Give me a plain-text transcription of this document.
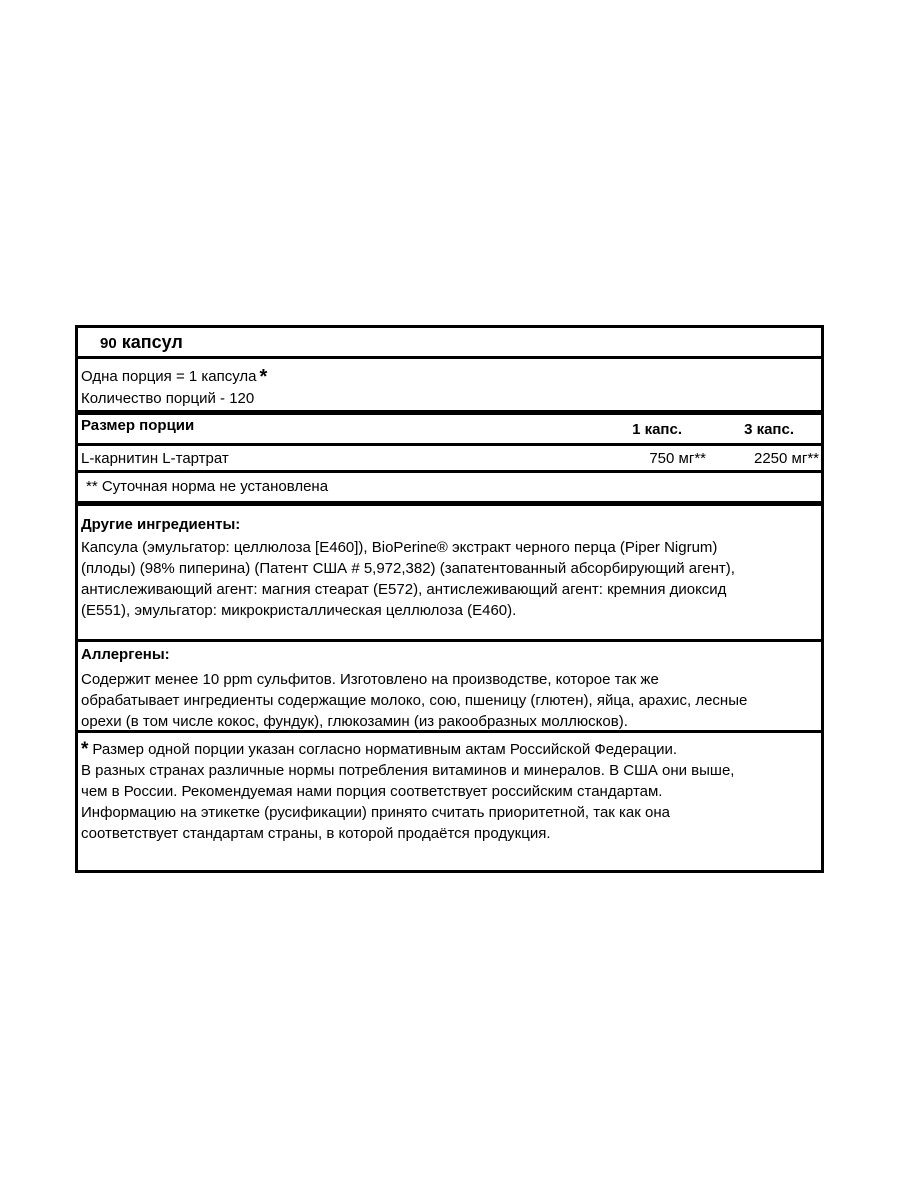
90 капсул
Одна порция = 1 капсула *
Количество порций - 120
Размер порции	1 капс.	3 капс.
L-карнитин L-тартрат	750 мг**	2250 мг**
** Суточная норма не установлена
Другие ингредиенты:
Капсула (эмульгатор: целлюлоза [E460]), BioPerine® экстракт черного перца (Piper Nigrum)
(плоды) (98% пиперина) (Патент США # 5,972,382) (запатентованный абсорбирующий агент),
антислеживающий агент: магния стеарат (E572), антислеживающий агент: кремния диоксид
(E551), эмульгатор: микрокристаллическая целлюлоза (E460).
Аллергены:
Содержит менее 10 ppm сульфитов. Изготовлено на производстве, которое так же
обрабатывает ингредиенты содержащие молоко, сою, пшеницу (глютен), яйца, арахис, лесные
орехи (в том числе кокос, фундук), глюкозамин (из ракообразных моллюсков).
* Размер одной порции указан согласно нормативным актам Российской Федерации.
В разных странах различные нормы потребления витаминов и минералов. В США они выше,
чем в России. Рекомендуемая нами порция соответствует российским стандартам.
Информацию на этикетке (русификации) принято считать приоритетной, так как она
соответствует стандартам страны, в которой продаётся продукция.
